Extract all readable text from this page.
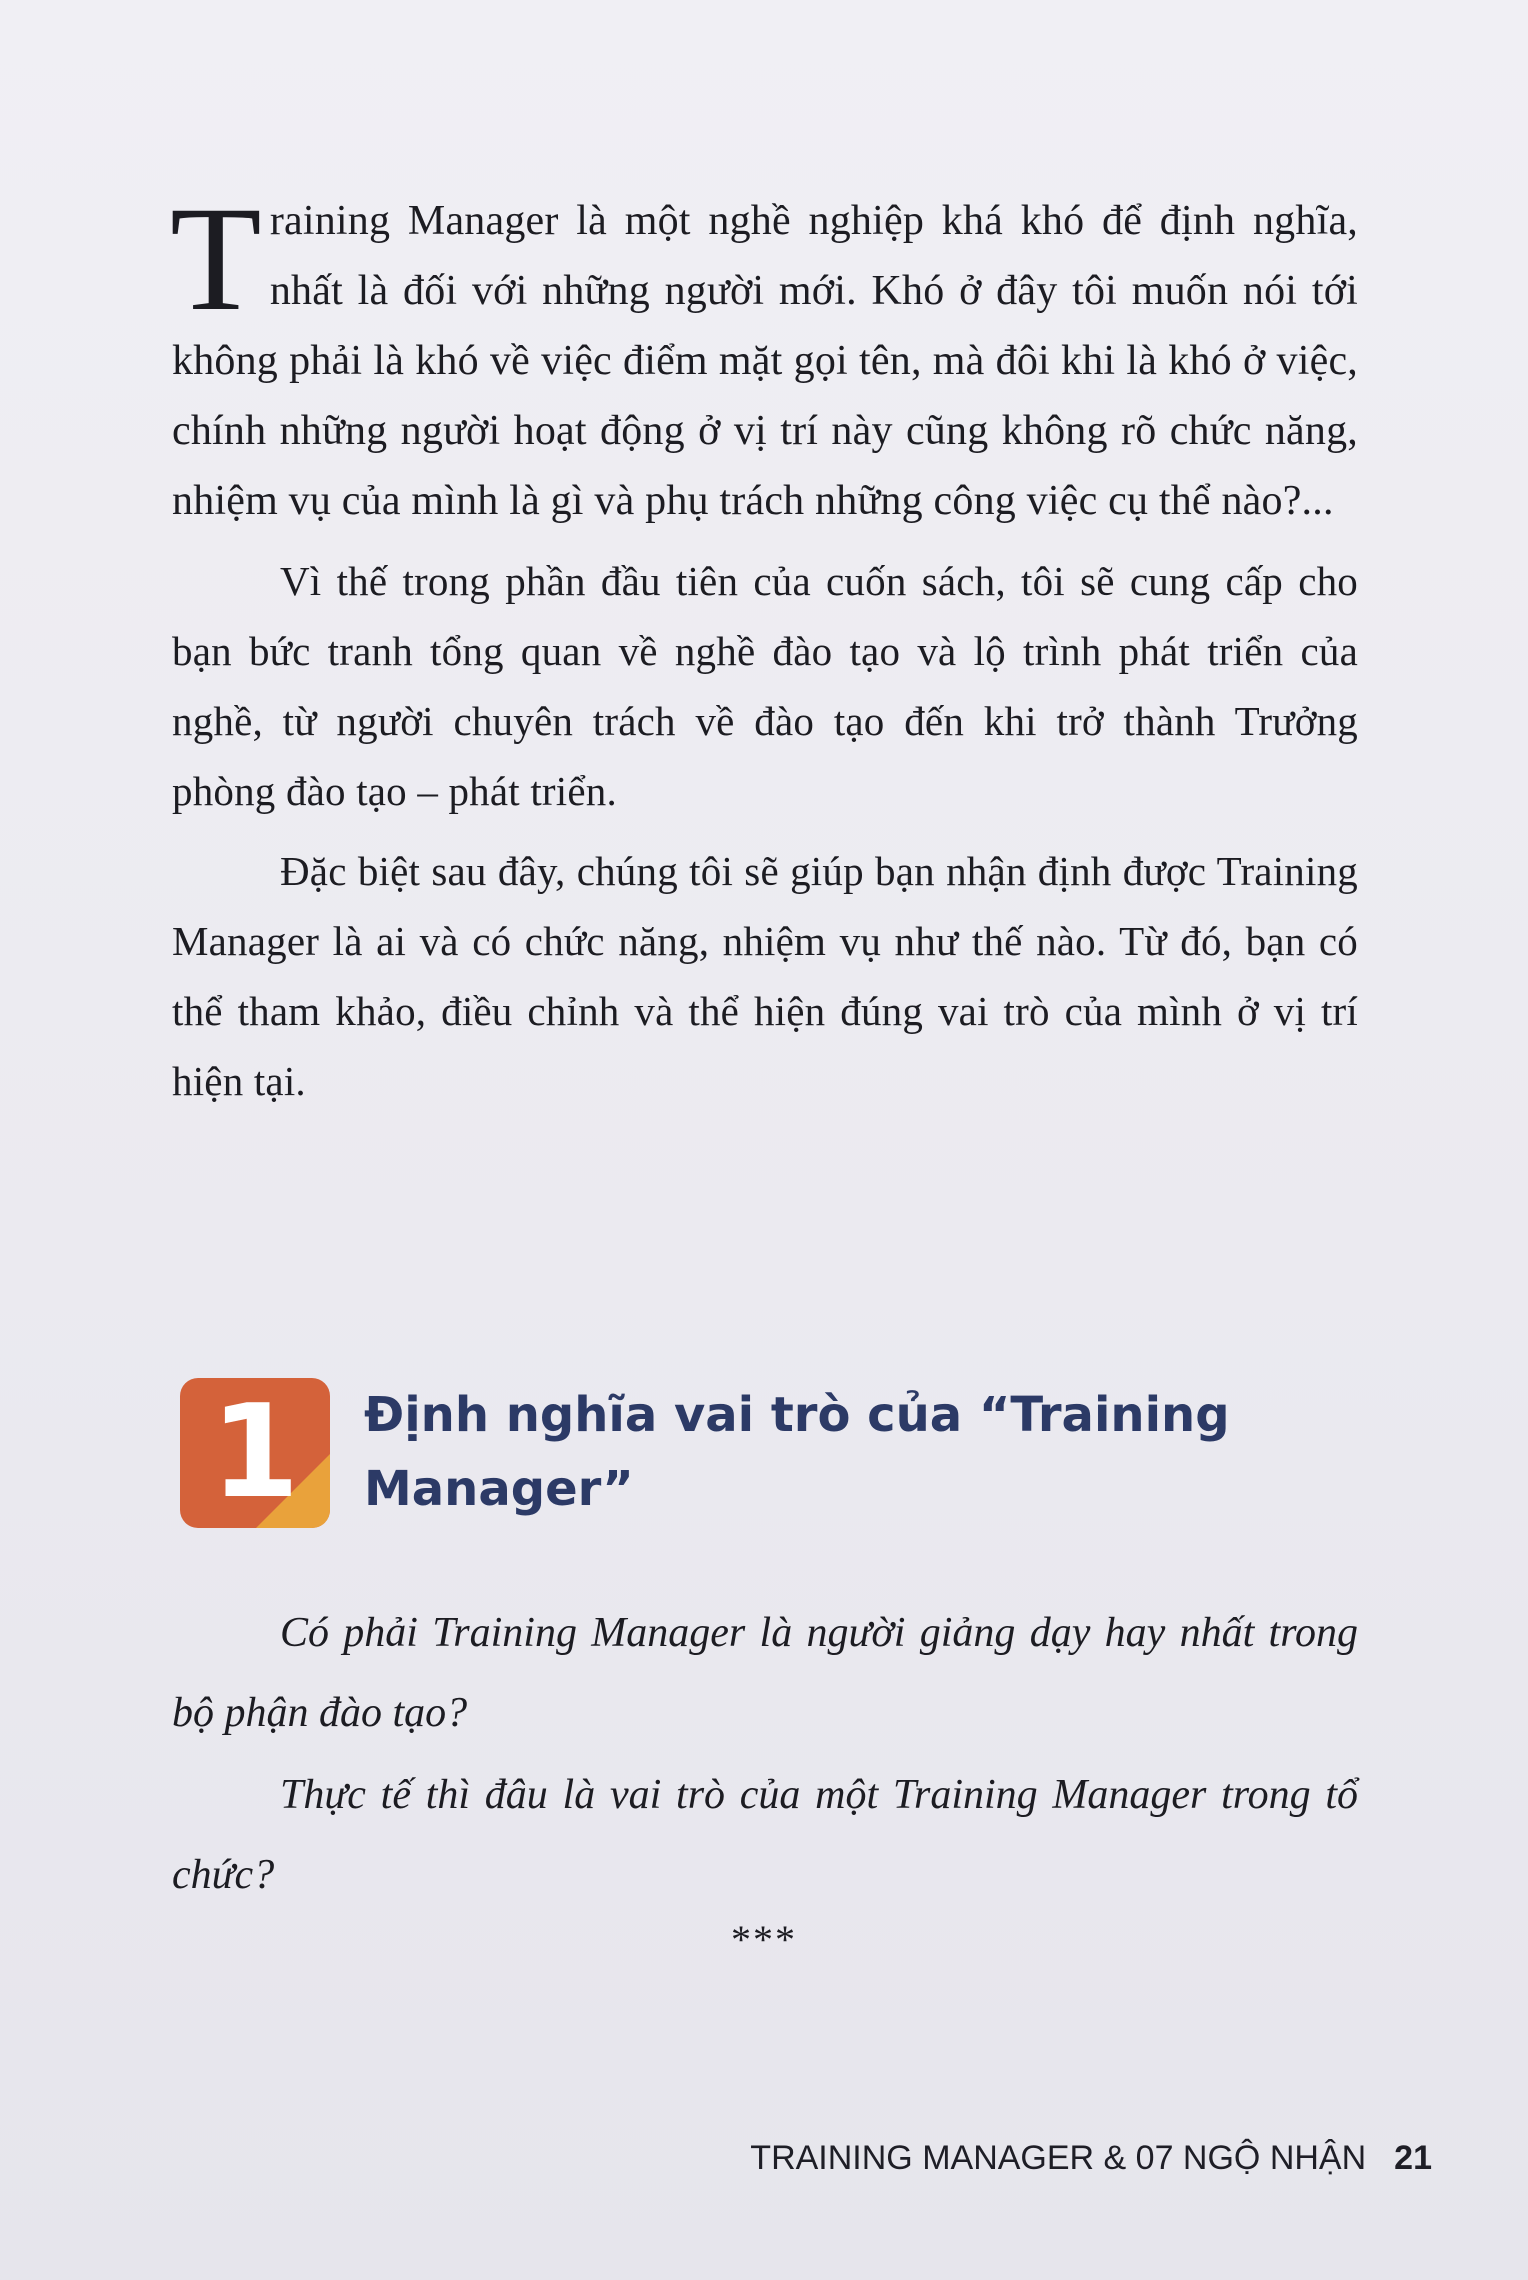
Training Manager là một nghề nghiệp khá khó để định nghĩa, nhất là đối với những người mới. Khó ở đây tôi muốn nói tới không phải là khó về việc điểm mặt gọi tên, mà đôi khi là khó ở việc, chính những người hoạt động ở vị trí này cũng không rõ chức năng, nhiệm vụ của mình là gì và phụ trách những công việc cụ thể nào?...

Vì thế trong phần đầu tiên của cuốn sách, tôi sẽ cung cấp cho bạn bức tranh tổng quan về nghề đào tạo và lộ trình phát triển của nghề, từ người chuyên trách về đào tạo đến khi trở thành Trưởng phòng đào tạo – phát triển.

Đặc biệt sau đây, chúng tôi sẽ giúp bạn nhận định được Training Manager là ai và có chức năng, nhiệm vụ như thế nào. Từ đó, bạn có thể tham khảo, điều chỉnh và thể hiện đúng vai trò của mình ở vị trí hiện tại.

1	Định nghĩa vai trò của “Training
Manager”

Có phải Training Manager là người giảng dạy hay nhất trong bộ phận đào tạo?

Thực tế thì đâu là vai trò của một Training Manager trong tổ chức?

***
TRAINING MANAGER & 07 NGỘ NHẬN 21
